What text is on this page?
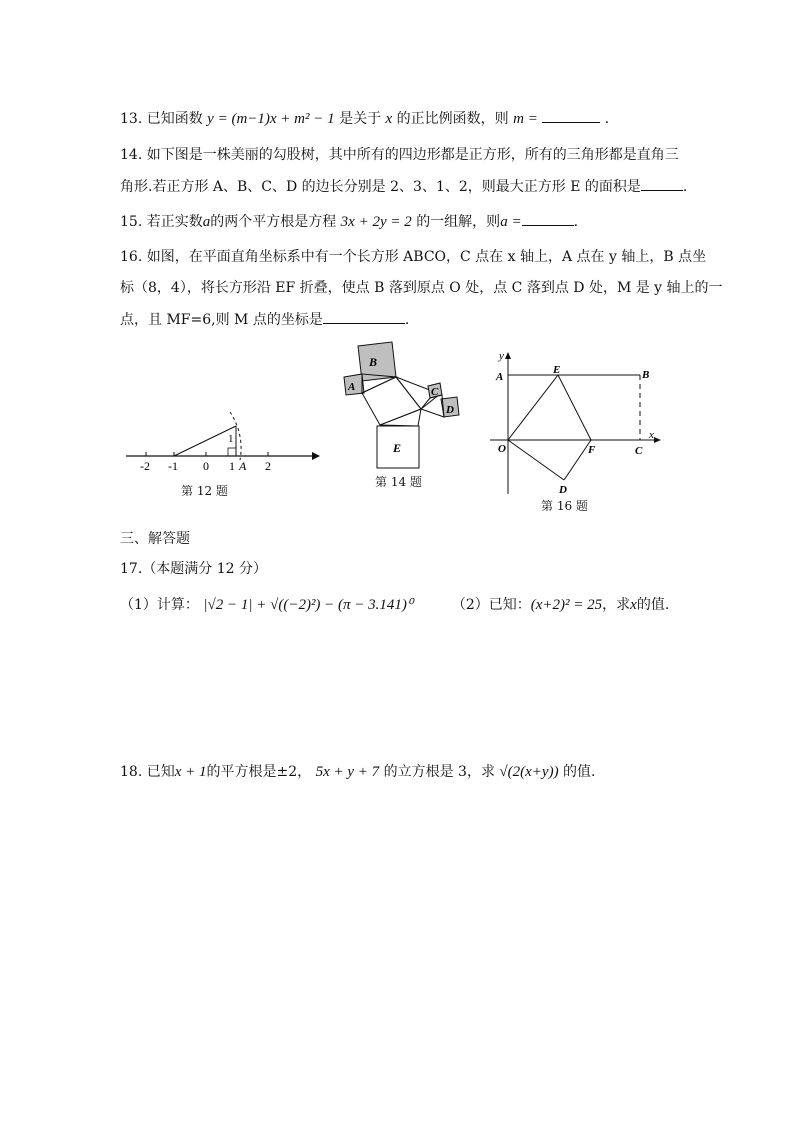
13. 已知函数 y = (m−1)x + m² − 1 是关于 x 的正比例函数，则 m =	．
14. 如下图是一株美丽的勾股树，其中所有的四边形都是正方形，所有的三角形都是直角三
角形.若正方形 A、B、C、D 的边长分别是 2、3、1、2，则最大正方形 E 的面积是	.
15. 若正实数a的两个平方根是方程 3x + 2y = 2 的一组解，则a =	.
16. 如图，在平面直角坐标系中有一个长方形 ABCO，C 点在 x 轴上，A 点在 y 轴上，B 点坐
标（8，4），将长方形沿 EF 折叠，使点 B 落到原点 O 处，点 C 落到点 D 处，M 是 y 轴上的一
点，且 MF=6,则 M 点的坐标是	.
-2 -1 0 1 A 2
1
第 12 题
B
A	C
D
E
第 14 题
y
x
A
E	B
O	F	C
D
第 16 题
三、解答题
17.（本题满分 12 分）
（1）计算： |√2 − 1| + √((−2)²) − (π − 3.141)⁰	（2）已知：(x+2)² = 25，求x的值.
18. 已知x + 1的平方根是±2， 5x + y + 7 的立方根是 3，求 √(2(x+y)) 的值.
